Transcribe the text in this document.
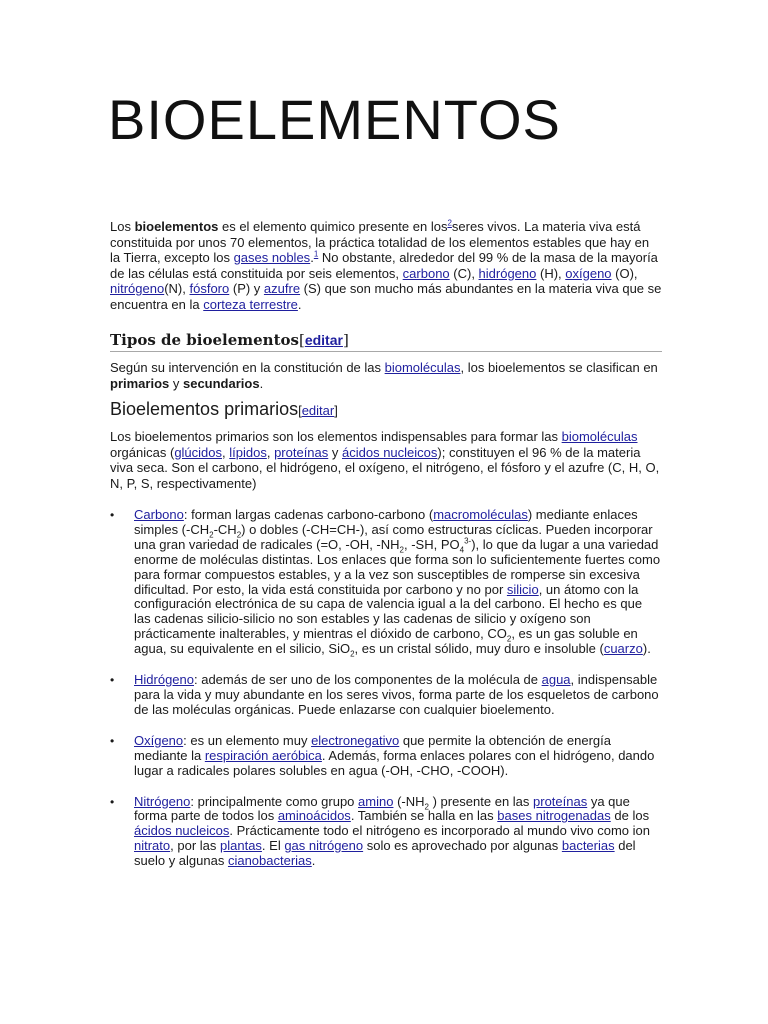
BIOELEMENTOS

Los bioelementos es el elemento quimico presente en los$^2$seres vivos. La materia viva está constituida por unos 70 elementos, la práctica totalidad de los elementos estables que hay en la Tierra, excepto los gases nobles.$^1$ No obstante, alrededor del 99 % de la masa de la mayoría de las células está constituida por seis elementos, carbono (C), hidrógeno (H), oxígeno (O), nitrógeno(N), fósforo (P) y azufre (S) que son mucho más abundantes en la materia viva que se encuentra en la corteza terrestre.

Tipos de bioelementos[editar]

Según su intervención en la constitución de las biomoléculas, los bioelementos se clasifican en primarios y secundarios.

Bioelementos primarios[editar]

Los bioelementos primarios son los elementos indispensables para formar las biomoléculas orgánicas (glúcidos, lípidos, proteínas y ácidos nucleicos); constituyen el 96 % de la materia viva seca. Son el carbono, el hidrógeno, el oxígeno, el nitrógeno, el fósforo y el azufre (C, H, O, N, P, S, respectivamente)

• Carbono: forman largas cadenas carbono-carbono (macromoléculas) mediante enlaces simples $(-CH_2-CH_2)$ o dobles (-CH=CH-), así como estructuras cíclicas. Pueden incorporar una gran variedad de radicales (=O, -OH, $-NH_2$, -SH, $PO_4^{3-}$), lo que da lugar a una variedad enorme de moléculas distintas. Los enlaces que forma son lo suficientemente fuertes como para formar compuestos estables, y a la vez son susceptibles de romperse sin excesiva dificultad. Por esto, la vida está constituida por carbono y no por silicio, un átomo con la configuración electrónica de su capa de valencia igual a la del carbono. El hecho es que las cadenas silicio-silicio no son estables y las cadenas de silicio y oxígeno son prácticamente inalterables, y mientras el dióxido de carbono, $CO_2$, es un gas soluble en agua, su equivalente en el silicio, SiO$_2$, es un cristal sólido, muy duro e insoluble (cuarzo).
• Hidrógeno: además de ser uno de los componentes de la molécula de agua, indispensable para la vida y muy abundante en los seres vivos, forma parte de los esqueletos de carbono de las moléculas orgánicas. Puede enlazarse con cualquier bioelemento.
• Oxígeno: es un elemento muy electronegativo que permite la obtención de energía mediante la respiración aeróbica. Además, forma enlaces polares con el hidrógeno, dando lugar a radicales polares solubles en agua (-OH, -CHO, -COOH).
• Nitrógeno: principalmente como grupo amino ($-NH_2$ ) presente en las proteínas ya que forma parte de todos los aminoácidos. También se halla en las bases nitrogenadas de los ácidos nucleicos. Prácticamente todo el nitrógeno es incorporado al mundo vivo como ion nitrato, por las plantas. El gas nitrógeno solo es aprovechado por algunas bacterias del suelo y algunas cianobacterias.
